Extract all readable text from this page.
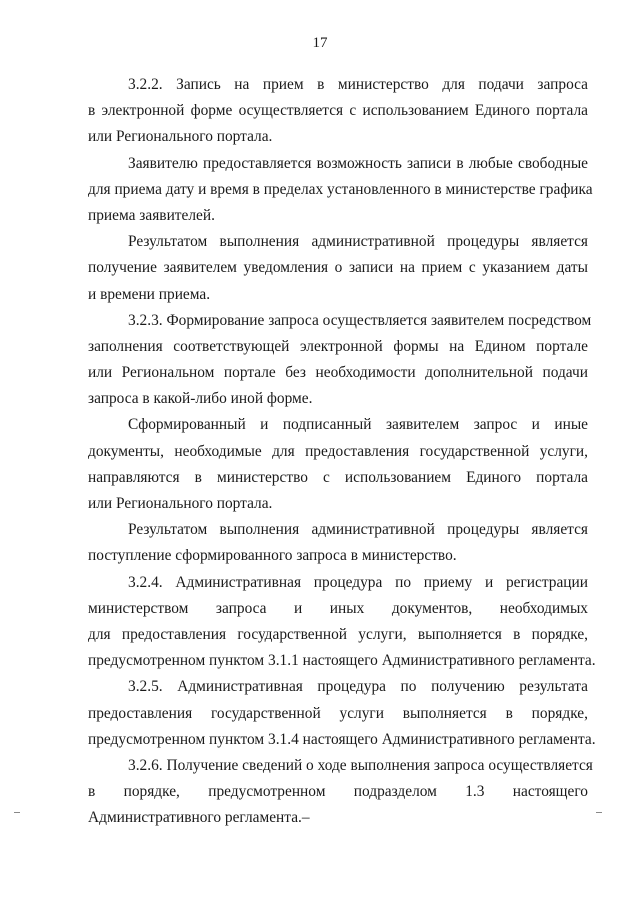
17
3.2.2. Запись на прием в министерство для подачи запроса
в электронной форме осуществляется с использованием Единого портала
или Регионального портала.
Заявителю предоставляется возможность записи в любые свободные
для приема дату и время в пределах установленного в министерстве графика
приема заявителей.
Результатом выполнения административной процедуры является
получение заявителем уведомления о записи на прием с указанием даты
и времени приема.
3.2.3. Формирование запроса осуществляется заявителем посредством
заполнения соответствующей электронной формы на Едином портале
или Региональном портале без необходимости дополнительной подачи
запроса в какой-либо иной форме.
Сформированный и подписанный заявителем запрос и иные
документы, необходимые для предоставления государственной услуги,
направляются в министерство с использованием Единого портала
или Регионального портала.
Результатом выполнения административной процедуры является
поступление сформированного запроса в министерство.
3.2.4. Административная процедура по приему и регистрации
министерством запроса и иных документов, необходимых
для предоставления государственной услуги, выполняется в порядке,
предусмотренном пунктом 3.1.1 настоящего Административного регламента.
3.2.5. Административная процедура по получению результата
предоставления государственной услуги выполняется в порядке,
предусмотренном пунктом 3.1.4 настоящего Административного регламента.
3.2.6. Получение сведений о ходе выполнения запроса осуществляется
в порядке, предусмотренном подразделом 1.3 настоящего
Административного регламента.–
